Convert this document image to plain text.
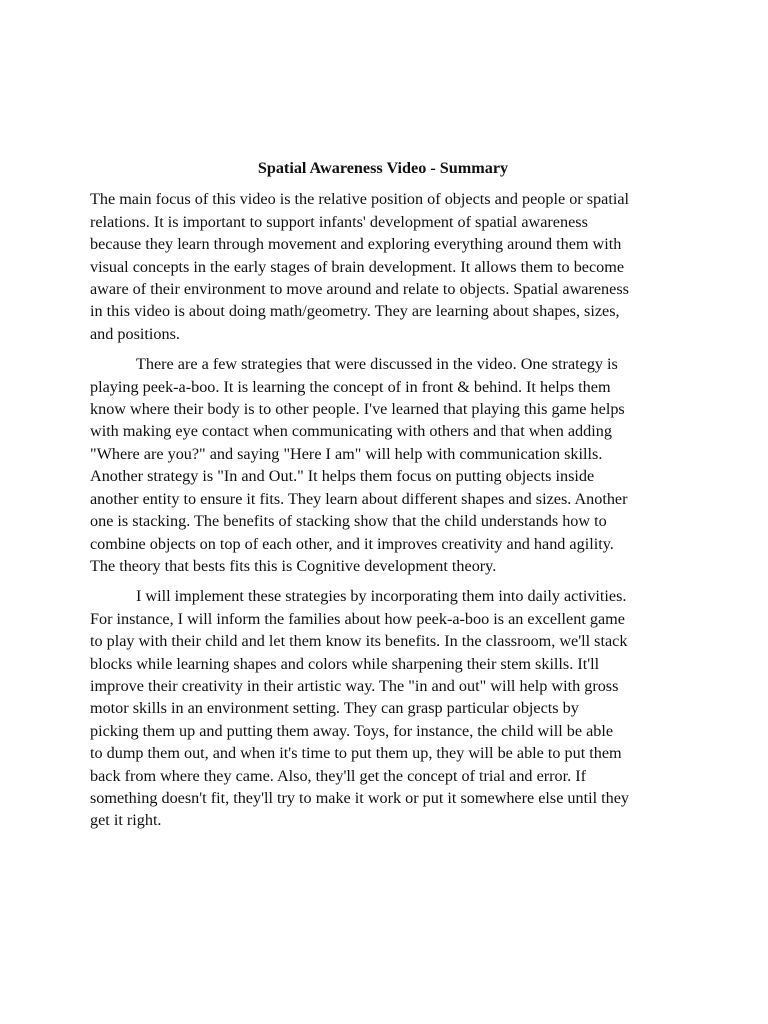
Spatial Awareness Video - Summary
The main focus of this video is the relative position of objects and people or spatial
relations. It is important to support infants' development of spatial awareness
because they learn through movement and exploring everything around them with
visual concepts in the early stages of brain development. It allows them to become
aware of their environment to move around and relate to objects. Spatial awareness
in this video is about doing math/geometry. They are learning about shapes, sizes,
and positions.
There are a few strategies that were discussed in the video. One strategy is
playing peek-a-boo. It is learning the concept of in front & behind. It helps them
know where their body is to other people. I've learned that playing this game helps
with making eye contact when communicating with others and that when adding
"Where are you?" and saying "Here I am" will help with communication skills.
Another strategy is "In and Out." It helps them focus on putting objects inside
another entity to ensure it fits. They learn about different shapes and sizes. Another
one is stacking. The benefits of stacking show that the child understands how to
combine objects on top of each other, and it improves creativity and hand agility.
The theory that bests fits this is Cognitive development theory.
I will implement these strategies by incorporating them into daily activities.
For instance, I will inform the families about how peek-a-boo is an excellent game
to play with their child and let them know its benefits. In the classroom, we'll stack
blocks while learning shapes and colors while sharpening their stem skills. It'll
improve their creativity in their artistic way. The "in and out" will help with gross
motor skills in an environment setting. They can grasp particular objects by
picking them up and putting them away. Toys, for instance, the child will be able
to dump them out, and when it's time to put them up, they will be able to put them
back from where they came. Also, they'll get the concept of trial and error. If
something doesn't fit, they'll try to make it work or put it somewhere else until they
get it right.
